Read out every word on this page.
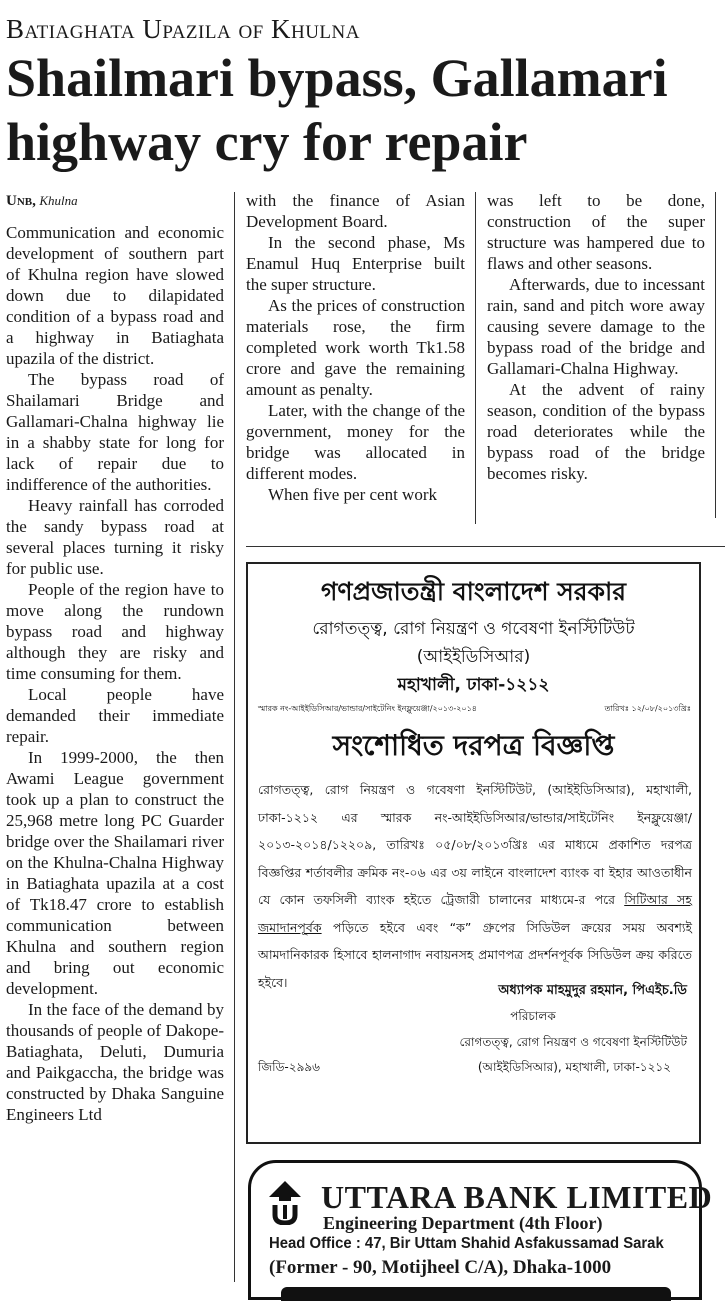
Batiaghata Upazila of Khulna
Shailmari bypass, Gallamari highway cry for repair
Unb, Khulna

Communication and economic development of southern part of Khulna region have slowed down due to dilapidated condition of a bypass road and a highway in Batiaghata upazila of the district.

The bypass road of Shailamari Bridge and Gallamari-Chalna highway lie in a shabby state for long for lack of repair due to indifference of the authorities.

Heavy rainfall has corroded the sandy bypass road at several places turning it risky for public use.

People of the region have to move along the rundown bypass road and highway although they are risky and time consuming for them.

Local people have demanded their immediate repair.

In 1999-2000, the then Awami League government took up a plan to construct the 25,968 metre long PC Guarder bridge over the Shailamari river on the Khulna-Chalna Highway in Batiaghata upazila at a cost of Tk18.47 crore to establish communication between Khulna and southern region and bring out economic development.

In the face of the demand by thousands of people of Dakope-Batiaghata, Deluti, Dumuria and Paikgaccha, the bridge was constructed by Dhaka Sanguine Engineers Ltd

with the finance of Asian Development Board.

In the second phase, Ms Enamul Huq Enterprise built the super structure.

As the prices of construction materials rose, the firm completed work worth Tk1.58 crore and gave the remaining amount as penalty.

Later, with the change of the government, money for the bridge was allocated in different modes.

When five per cent work

was left to be done, construction of the super structure was hampered due to flaws and other seasons.

Afterwards, due to incessant rain, sand and pitch wore away causing severe damage to the bypass road of the bridge and Gallamari-Chalna Highway.

At the advent of rainy season, condition of the bypass road deteriorates while the bypass road of the bridge becomes risky.

গণপ্রজাতন্ত্রী বাংলাদেশ সরকার
রোগতত্ত্ব, রোগ নিয়ন্ত্রণ ও গবেষণা ইনস্টিটিউট
(আইইডিসিআর)
মহাখালী, ঢাকা-১২১২
স্মারক নং-আইইডিসিআর/ভান্ডার/সাইটেনিং ইনফ্লুয়েঞ্জা/২০১৩-২০১৪	তারিখঃ ১২/০৮/২০১৩খ্রিঃ
সংশোধিত দরপত্র বিজ্ঞপ্তি
রোগতত্ত্ব, রোগ নিয়ন্ত্রণ ও গবেষণা ইনস্টিটিউট, (আইইডিসিআর), মহাখালী, ঢাকা-১২১২ এর স্মারক নং-আইইডিসিআর/ভান্ডার/সাইটেনিং ইনফ্লুয়েঞ্জা/২০১৩-২০১৪/১২২০৯, তারিখঃ ০৫/০৮/২০১৩খ্রিঃ এর মাধ্যমে প্রকাশিত দরপত্র বিজ্ঞপ্তির শর্তাবলীর ক্রমিক নং-০৬ এর ৩য় লাইনে বাংলাদেশ ব্যাংক বা ইহার আওতাধীন যে কোন তফসিলী ব্যাংক হইতে ট্রেজারী চালানের মাধ্যমে-র পরে সিটিআর সহ জমাদানপূর্বক পড়িতে হইবে এবং “ক” গ্রুপের সিডিউল ক্রয়ের সময় অবশ্যই আমদানিকারক হিসাবে হালনাগাদ নবায়নসহ প্রমাণপত্র প্রদর্শনপূর্বক সিডিউল ক্রয় করিতে হইবে।
অধ্যাপক মাহমুদুর রহমান, পিএইচ.ডি
পরিচালক
রোগতত্ত্ব, রোগ নিয়ন্ত্রণ ও গবেষণা ইনস্টিটিউট
জিডি-২৯৯৬	(আইইডিসিআর), মহাখালী, ঢাকা-১২১২
UTTARA BANK LIMITED
Engineering Department (4th Floor)
Head Office : 47, Bir Uttam Shahid Asfakussamad Sarak
(Former - 90, Motijheel C/A), Dhaka-1000
